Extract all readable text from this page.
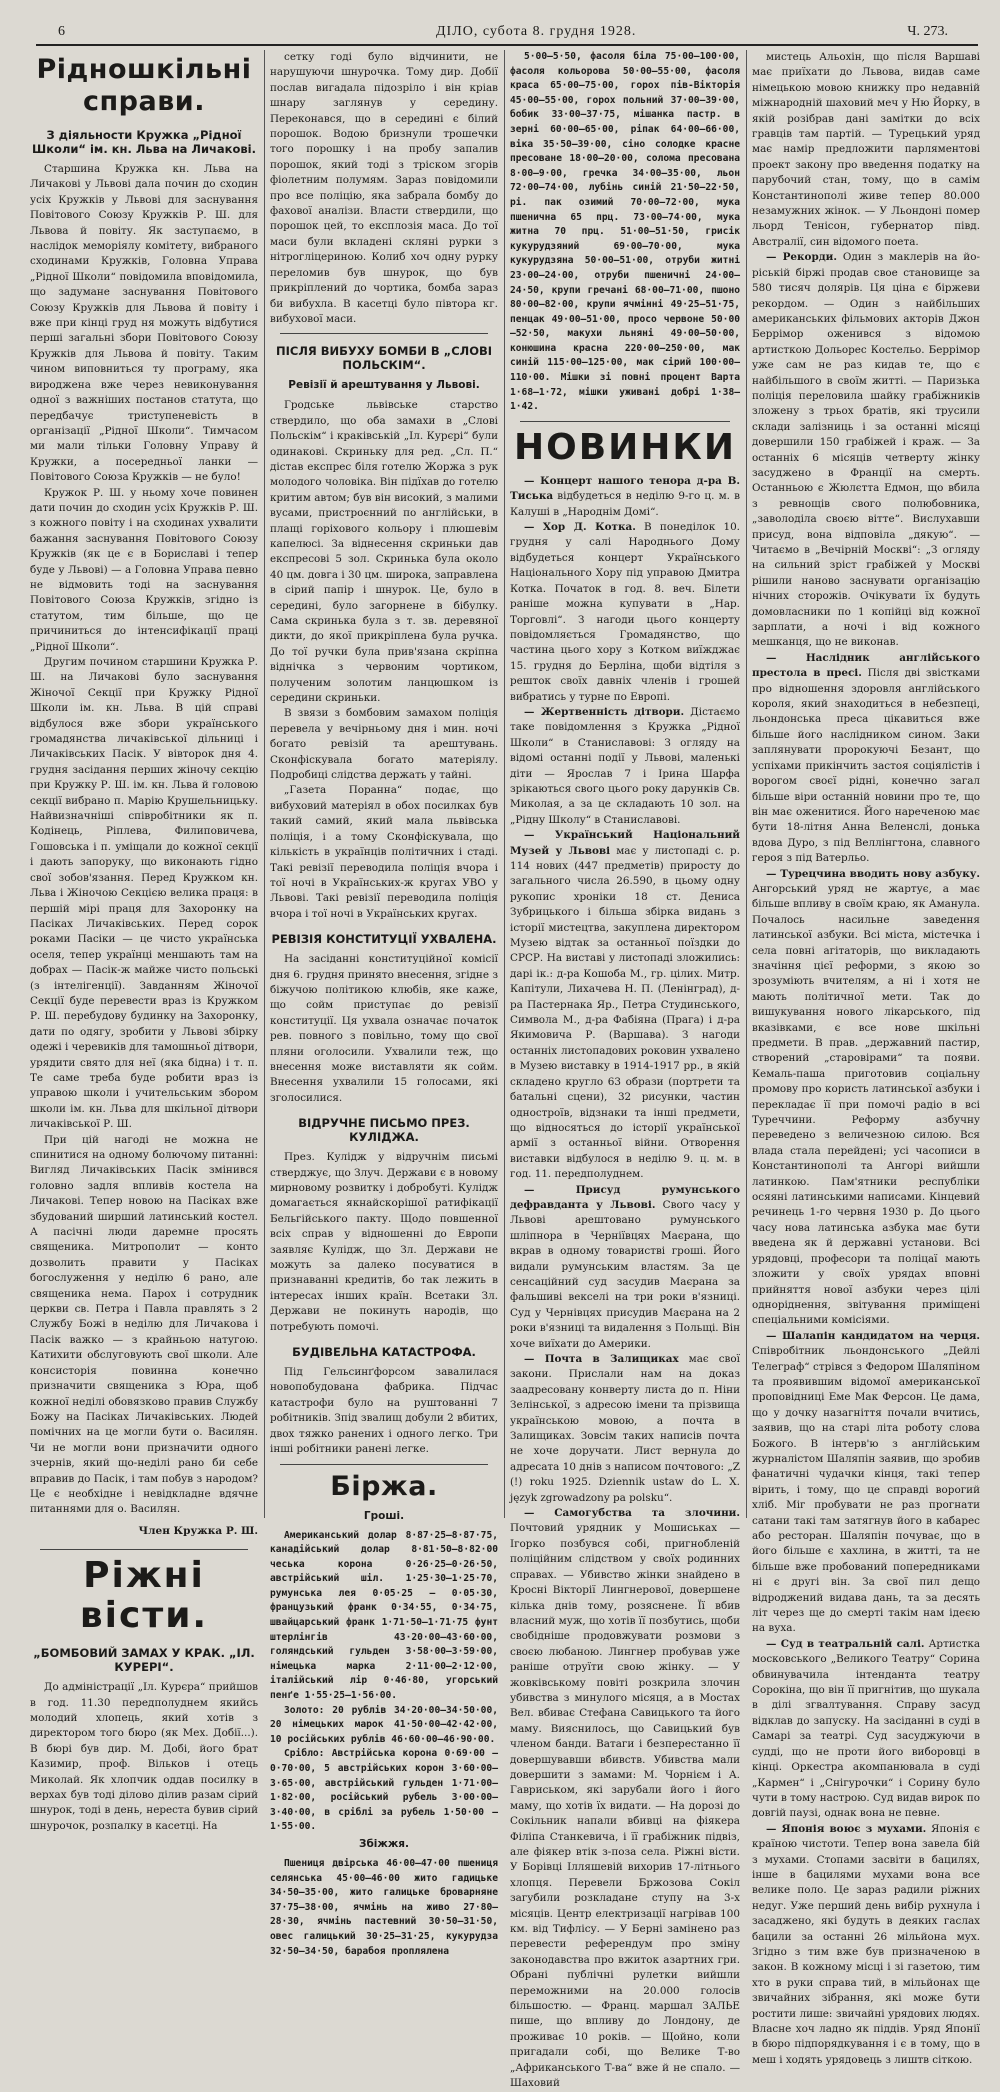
6	ДІЛО, субота 8. грудня 1928.	Ч. 273.
Рідношкільні справи.
З діяльности Кружка „Рідної Школи“ ім. кн. Льва на Личакові.

Старшина Кружка кн. Льва на Личакові у Львові дала почин до сходин усіх Кружків у Львові для заснування Повітового Союзу Кружків Р. Ш. для Львова й повіту. Як заступаємо, в наслідок меморіялу комітету, вибраного сходинами Кружків, Головна Управа „Рідної Школи“ повідомила вповідомила, що задумане заснування Повітового Союзу Кружків для Львова й повіту і вже при кінці груд ня можуть відбутися перші загальні збори Повітового Союзу Кружків для Львова й повіту. Таким чином виповниться ту програму, яка вироджена вже через невиконування одної з важніших постанов статута, що передбачує триступеневість в організації „Рідної Школи“. Тимчасом ми мали тільки Головну Управу й Кружки, а посередньої ланки — Повітового Союза Кружків — не було!

Кружок Р. Ш. у ньому хоче повинен дати почин до сходин усіх Кружків Р. Ш. з кожного повіту і на сходинах ухвалити бажання заснування Повітового Союзу Кружків (як це є в Бориславі і тепер буде у Львові) — а Головна Управа певно не відмовить тоді на заснування Повітового Союза Кружків, згідно із статутом, тим більше, що це причиниться до інтенсифікації праці „Рідної Школи“.

Другим почином старшини Кружка Р. Ш. на Личакові було заснування Жіночої Секції при Кружку Рідної Школи ім. кн. Льва. В цій справі відбулося вже збори українського громадянства личаківської дільниці і Личаківських Пасік. У вівторок дня 4. грудня засідання перших жіночу секцію при Кружку Р. Ш. ім. кн. Льва й головою секції вибрано п. Марію Крушельницьку. Найвизначніші співробітники як п. Кодінець, Ріплева, Филиповичева, Гошовська і п. уміщали до кожної секції і дають запоруку, що виконають гідно свої зобов'язання. Перед Кружком кн. Льва і Жіночою Секцією велика праця: в першій мірі праця для Захоронку на Пасіках Личаківських. Перед сорок роками Пасіки — це чисто українська оселя, тепер українці меншають там на добрах — Пасік-ж майже чисто польські (з інтелігенції). Завданням Жіночої Секції буде перевести враз із Кружком Р. Ш. перебудову будинку на Захоронку, дати по одягу, зробити у Львові збірку одежі і черевиків для тамошньої дітвори, урядити свято для неї (яка бідна) і т. п. Те саме треба буде робити враз із управою школи і учительським збором школи ім. кн. Льва для шкільної дітвори личаківської Р. Ш.

При цій нагоді не можна не спинитися на одному болючому питанні: Вигляд Личаківських Пасік змінився головно задля впливів костела на Личакові. Тепер новою на Пасіках вже збудований ширший латинський костел. А пасічні люди даремне просять священика. Митрополит — конто дозволить правити у Пасіках богослуження у неділю 6 рано, але священика нема. Парох і сотрудник церкви св. Петра і Павла правлять з 2 Службу Божі в неділю для Личакова і Пасік важко — з крайньою натугою. Катихити обслуговують свої школи. Але консисторія повинна конечно призначити священика з Юра, щоб кожної неділі обовязково правив Службу Божу на Пасіках Личаківських. Людей помічних на це могли бути о. Василян. Чи не могли вони призначити одного зчернів, який що-неділі рано би себе вправив до Пасік, і там побув з народом? Це є необхідне і невідкладне вдячне питаннями для о. Василян.

Член Кружка Р. Ш.
Ріжні вісти.
„БОМБОВИЙ ЗАМАХ У КРАК. „ІЛ. КУРЕРІ“.

До адміністрації „Іл. Курєра“ прийшов в год. 11.30 передполуднем якийсь молодий хлопець, який хотів з директором того бюро (як Мех. Добії...). В бюрі був дир. М. Добі, його брат Казимир, проф. Вільков і отець Миколай. Як хлопчик оддав посилку в верхах був тоді ділово ділив разам сірий шнурок, тоді в день, нереста бувив сірий шнурочок, розпалку в касетці. На

сетку годі було відчинити, не нарушуючи шнурочка. Тому дир. Добії послав вигадала підозріло і він кріав шнару заглянув у середину. Переконався, що в середині є білий порошок. Водою бризнули трошечки того порошку і на пробу запалив порошок, який тоді з тріском згорів фіолетним полумям. Зараз повідомили про все поліцію, яка забрала бомбу до фахової аналізи. Власти ствердили, що порошок цей, то експлозія маса. До тої маси були вкладені скляні рурки з нітрогліцериною. Колиб хоч одну рурку переломив був шнурок, що був прикріплений до чортика, бомба зараз би вибухла. В касетці було півтора кг. вибухової маси.

ПІСЛЯ ВИБУХУ БОМБИ В „СЛОВІ ПОЛЬСКІМ“.
Ревізії й арештування у Львові.

Гродське львівське старство ствердило, що оба замахи в „Слові Польскім“ і краківській „Іл. Курєрі“ були одинакові. Скриньку для ред. „Сл. П.“ дістав експрес біля готелю Жоржа з рук молодого чоловіка. Він підїхав до готелю критим автом; був він високий, з малими вусами, пристроєнний по англійськи, в плащі горіхового кольору і плюшевім капелюсі. За віднесення скриньки дав експресові 5 зол. Скринька була около 40 цм. довга і 30 цм. широка, заправлена в сірий папір і шнурок. Це, було в середині, було загорнене в бібулку. Сама скринька була з т. зв. деревяної дикти, до якої прикріплена була ручка. До тої ручки була прив'язана скріпна віднічка з червоним чортиком, полученим золотим ланцюшком із середини скриньки.

В звязи з бомбовим замахом поліція перевела у вечірньому дня і мин. ночі богато ревізій та арештувань. Сконфіскувала богато матеріялу. Подробиці слідства держать у тайні.

„Газета Поранна“ подає, що вибуховий матеріял в обох посилках був такий самий, який мала львівська поліція, і а тому Сконфіскувала, що кількість в українців політичних і стаді. Такі ревізії переводила поліція вчора і тої ночі в Українських-ж кругах УВО у Львові. Такі ревізії переводила поліція вчора і тої ночі в Українських кругах.

РЕВІЗІЯ КОНСТИТУЦІЇ УХВАЛЕНА.

На засіданні конституційної комісії дня 6. грудня принято внесення, згідне з біжучою політикою клюбів, яке каже, що сойм приступає до ревізії конституції. Ця ухвала означає початок рев. повного з повільно, тому що свої пляни оголосили. Ухвалили теж, що внесення може виставляти як сойм. Внесення ухвалили 15 голосами, які зголосилися.

ВІДРУЧНЕ ПИСЬМО ПРЕЗ. КУЛІДЖА.

През. Кулідж у відручнім письмі стверджує, що Злуч. Держави є в новому мирновому розвитку і добробуті. Кулідж домагається якнайскорішої ратифікації Бельгійського пакту. Щодо повшенної всіх справ у відношенні до Европи заявляє Кулідж, що Зл. Держави не можуть за далеко посуватися в признаванні кредитів, бо так лежить в інтересах інших країн. Всетаки Зл. Держави не покинуть народів, що потребують помочі.

БУДІВЕЛЬНА КАТАСТРОФА.

Під Гельсинґфорсом завалилася новопобудована фабрика. Підчас катастрофи було на руштованні 7 робітників. Зпід звалищ добули 2 вбитих, двох тяжко ранених і одного легко. Три інші робітники ранені легке.

Біржа.
Гроші.

Американський долар 8·87·25—8·87·75, канадійський долар 8·81·50—8·82·00 чеська корона 0·26·25—0·26·50, австрійський шіл. 1·25·30—1·25·70, румунська лея 0·05·25 — 0·05·30, французький франк 0·34·55, 0·34·75, швайцарський франк 1·71·50—1·71·75 фунт штерлінгів 43·20·00—43·60·00, голяндський гульден 3·58·00—3·59·00, німецька марка 2·11·00—2·12·00, італійський лір 0·46·80, угорський пенґе 1·55·25—1·56·00.

Золото: 20 рублів 34·20·00—34·50·00, 20 німецьких марок 41·50·00—42·42·00, 10 російських рублів 46·60·00—46·90·00.

Срібло: Австрійська корона 0·69·00 —0·70·00, 5 австрійських корон 3·60·00—3·65·00, австрійський гульден 1·71·00—1·82·00, російський рубель 3·00·00—3·40·00, в сріблі за рубель 1·50·00 — 1·55·00.

Збіжжя.

Пшениця двірська 46·00—47·00 пшениця селянська 45·00—46·00 жито гадицьке 34·50—35·00, жито галицьке броварняне 37·75—38·00, ячмінь на живо 27·80—28·30, ячмінь пастевний 30·50—31·50, овес галицький 30·25—31·25, кукурудза 32·50—34·50, барабоя проплялена

5·00—5·50, фасоля біла 75·00—100·00, фасоля кольорова 50·00—55·00, фасоля краса 65·00—75·00, горох пів-Вікторія 45·00—55·00, горох польний 37·00—39·00, бобик 33·00—37·75, мішанка пастр. в зерні 60·00—65·00, ріпак 64·00—66·00, віка 35·50—39·00, сіно солодке красне пресоване 18·00—20·00, солома пресована 8·00—9·00, гречка 34·00—35·00, льон 72·00—74·00, лубінь синій 21·50—22·50, рі. пак озимий 70·00—72·00, мука пшенична 65 прц. 73·00—74·00, мука житна 70 прц. 51·00—51·50, грисік кукурудзяний 69·00—70·00, мука кукурудзяна 50·00—51·00, отруби житні 23·00—24·00, отруби пшеничні 24·00—24·50, крупи гречані 68·00—71·00, пшоно 80·00—82·00, крупи ячмінні 49·25—51·75, пенцак 49·00—51·00, просо червоне 50·00—52·50, макухи льняні 49·00—50·00, конюшина красна 220·00—250·00, мак синій 115·00—125·00, мак сірий 100·00—110·00. Мішки зі повні процент Варта 1·68—1·72, мішки уживані добрі 1·38—1·42.

НОВИНКИ

— Концерт нашого тенора д-ра В. Тиська відбудеться в неділю 9-го ц. м. в Калуші в „Народнім Домі“.

— Хор Д. Котка. В понеділок 10. грудня у салі Народнього Дому відбудеться концерт Українського Національного Хору під управою Дмитра Котка. Початок в год. 8. веч. Білети раніше можна купувати в „Нар. Торговлі“. З нагоди цього концерту повідомляється Громадянство, що частина цього хору з Котком виїжджає 15. грудня до Берліна, щоби відтіля з решток своїх давніх членів і грошей вибратись у турне по Европі.

— Жертвенність дітвори. Дістаємо таке повідомлення з Кружка „Рідної Школи“ в Станиславові: З огляду на відомі останні події у Львові, маленькі діти — Ярослав 7 і Ірина Шарфа зрікаються свого цього року дарунків Св. Миколая, а за це складають 10 зол. на „Рідну Школу“ в Станиславові.

— Український Національний Музей у Львові має у листопаді с. р. 114 нових (447 предметів) приросту до загального числа 26.590, в цьому одну рукопис хроніки 18 ст. Дениса Зубрицького і більша збірка видань з історії мистецтва, закуплена директором Музею відтак за останньої поїздки до СРСР. На виставі у листопаді зложились: дарі ік.: д-ра Кошоба М., гр. цілих. Митр. Капітули, Лихачева Н. П. (Ленінград), д-ра Пастернака Яр., Петра Студинського, Символа М., д-ра Фабіяна (Прага) і д-ра Якимовича Р. (Варшава). З нагоди останніх листопадових роковин ухвалено в Музею виставку в 1914-1917 рр., в якій складено кругло 63 образи (портрети та батальні сцени), 32 рисунки, частин одностроїв, відзнаки та інші предмети, що відносяться до історії української армії з останньої війни. Отворення виставки відбулося в неділю 9. ц. м. в год. 11. передполуднем.

— Присуд румунського дефравданта у Львові. Свого часу у Львові арештовано румунського шліпнора в Черніївцях Маєрана, що вкрав в одному товаристві гроші. Його видали румунським властям. За це сенсаційний суд засудив Маєрана за фальшиві векселі на три роки в'язниці. Суд у Чернівцях присудив Маєрана на 2 роки в'язниці та видалення з Польщі. Він хоче виїхати до Америки.

— Почта в Залищиках має свої закони. Прислали нам на доказ заадресовану конверту листа до п. Ніни Зелінської, з адресою імени та прізвища українською мовою, а почта в Залищиках. Зовсім таких написів почта не хоче доручати. Лист вернула до адресата 10 днів з написом почтового: „Z (!) roku 1925. Dziennik ustaw do L. X. język zgrowadzony pa polsku“.

— Самогубства та злочини. Почтовий урядник у Мошиськах — Ігорко позбувся собі, пригнобленій поліційним слідством у своїх родинних справах. — Убивство жінки знайдено в Кросні Вікторії Лингнерової, довершене кілька днів тому, розяснене. Її вбив власний муж, що хотів її позбутись, щоби свобідніше продовжувати розмови з своєю любаною. Лингнер пробував уже раніше отруїти свою жінку. — У жовківському повіті розкрила злочин убивства з минулого місяця, а в Мостах Вел. вбиває Стефана Савицького та його маму. Вияснилось, що Савицький був членом банди. Ватаги і безперестанно її довершувавши вбивств. Убивства мали довершити з замами: М. Чорнієм і А. Гавриськом, які зарубали його і його маму, що хотів їх видати. — На дорозі до Сокільник напали вбивці на фіякера Філіпа Станкевича, і її грабіжник підвіз, але фіякер втік з-поза села. Ріжні вісти. У Борівці Ілляшевій вихорив 17-літнього хлопця. Перевели Бржозова Сокіл загубили розкладане ступу на 3-х місяців. Центр електризації нагрівав 100 км. від Тифлісу. — У Берні замінено раз перевести референдум про зміну законодавства про вжиток азартних гри. Обрані публічні рулетки вийшли переможними на 20.000 голосів більшостю. — Франц. маршал ЗАЛЬЕ пише, що впливу до Лондону, де проживає 10 років. — Щойно, коли пригадали собі, що Велике Т-во „Африканського Т-ва“ вже й не спало. — Шаховий

мистець Альохін, що після Варшаві має приїхати до Львова, видав саме німецькою мовою книжку про недавній міжнародній шаховий меч у Ню Йорку, в якій розібрав дані замітки до всіх гравців там партій. — Турецький уряд має намір предложити парляментові проект закону про введення податку на парубочий стан, тому, що в самім Константинополі живе тепер 80.000 незамужних жінок. — У Льондоні помер льорд Тенісон, губернатор півд. Австралії, син відомого поета.

— Рекорди. Один з маклерів на йо-ріській біржі продав свое становище за 580 тисяч долярів. Ця ціна є біржеви рекордом. — Один з найбільших американських фільмових акторів Джон Беррімор оженився з відомою артисткою Дольорес Костельо. Беррімор уже сам не раз кидав те, що є найбільшого в своїм житті. — Паризька поліція переловила шайку грабіжників зложену з трьох братів, які трусили склади залізниць і за останні місяці довершили 150 грабіжей і краж. — За останніх 6 місяців четверту жінку засуджено в Франції на смерть. Останньою є Жюлєтта Едмон, що вбила з ревнощів свого полюбовника, „заволоділа своєю вітте“. Вислухавши присуд, вона відповіла „дякую“. — Читаємо в „Вечірній Москві“: „З огляду на сильний зріст грабіжей у Москві рішили наново заснувати організацію нічних сторожів. Очікувати їх будуть домовласники по 1 копійці від кожної зарплати, а ночі і від кожного мешканця, що не виконав.

— Наслідник англійського престола в пресі. Після дві звістками про відношення здоровля англійського короля, який знаходиться в небезпеці, льондонська преса цікавиться вже більше його наслідником сином. Заки заплянувати пророкуючі Безант, що успіхами прикінчить застоя соціялістів і ворогом своєї рідні, конечно загал більше віри останній новини про те, що він має оженитися. Його нареченою має бути 18-літня Анна Веленслі, донька вдова Дуро, з під Веллінгтона, славного героя з під Ватерльо.

— Турецчина вводить нову азбуку. Ангорський уряд не жартує, а має більше впливу в своїм краю, як Аманула. Почалось насильне заведення латинської азбуки. Всі міста, містечка і села повні агітаторів, що викладають значіння цієї реформи, з якою зо зрозуміють вчителям, а ні і хотя не мають політичної мети. Так до вишукування нового лікарського, під вказівками, є все нове шкільні предмети. В прав. „державний пастир, створений „старовірами“ та появи. Кемаль-паша приготовив соціальну промову про користь латинської азбуки і перекладає її при помочі радіо в всі Туреччини. Реформу азбучну переведено з величезною силою. Вся влада стала перейдені; усі часописи в Константинополі та Ангорі вийшли латинкою. Пам'ятники республіки осяяні латинськими написами. Кінцевий речинець 1-го червня 1930 р. До цього часу нова латинська азбука має бути введена як й державні установи. Всі урядовці, професори та поліцаї мають зложити у своїх урядах вповні прийняття нової азбуки через цілі одноріднення, звітування приміщені спеціальними комісіями.

— Шалапін кандидатом на черця. Співробітник льондонського „Дейлі Телеграф“ стрівся з Федором Шаляпіном та проявившим відомої американської проповідниці Еме Мак Ферсон. Це дама, що у дочку назагніття почали вчитись, заявив, що на старі літа роботу слова Божого. В інтерв'ю з англійським журналістом Шаляпін заявив, що зробив фанатичні чудачки кінця, такі тепер вірить, і тому, що це справді ворогий хліб. Міг пробувати не раз прогнати сатани такі там затягнув його в кабарес або ресторан. Шаляпін почуває, що в його більше є хахлина, в житті, та не більше вже пробований попередниками ні є другі він. За свої пил дещо відроджений видава дань, та за десять літ через ще до смерті такім нам ідеєю на вуха.

— Суд в театральній салі. Артистка московського „Великого Театру“ Сорина обвинувачила інтенданта театру Сорокіна, що він її пригнітив, що шукала в ділі згвалтування. Справу засуд відклав до запуску. На засіданні в суді в Самарі за театрі. Суд засуджуючи в судді, що не проти його виборовці в кінці. Оркестра акомпанювала в суді „Кармен“ і „Снігурочки“ і Сорину було чути в тому настрою. Суд видав вирок по довгій паузі, однак вона не певне.

— Японія воює з мухами. Японія є країною чистоти. Тепер вона завела бій з мухами. Стопами засвіти в бацилях, інше в бацилями мухами вона все велике поло. Це зараз радили ріжних недуг. Уже перший день вибір рухнула і засаджено, які будуть в деяких гаслах бацили за останні 26 мільйона мух. Згідно з тим вже був призначеною в закон. В кожному місці і зі газетою, тим хто в руки справа тий, в мільйонах ще звичайних зібрання, які може бути ростити лише: звичайні урядових людях. Власне хоч ладно як піддів. Уряд Японії в бюро підпорядкування і є в тому, що в меш і ходять урядовець з лиштв сіткою.
